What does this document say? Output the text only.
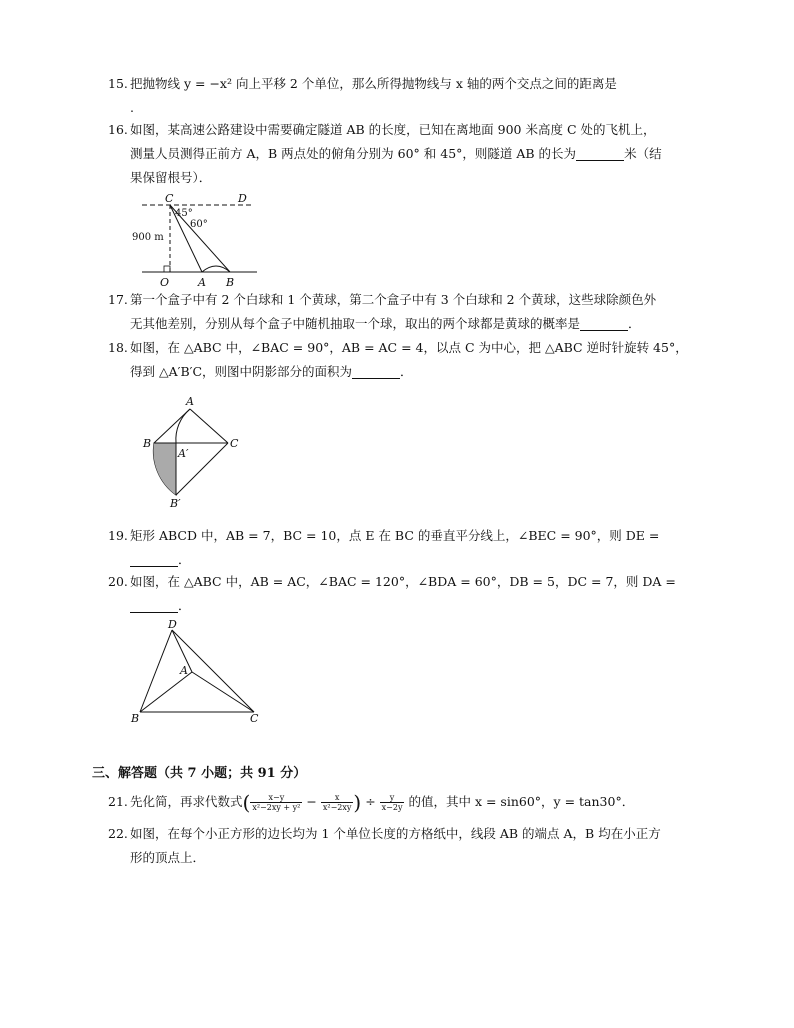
15. 把抛物线 y = −x² 向上平移 2 个单位，那么所得抛物线与 x 轴的两个交点之间的距离是
.
16. 如图，某高速公路建设中需要确定隧道 AB 的长度，已知在离地面 900 米高度 C 处的飞机上，
测量人员测得正前方 A，B 两点处的俯角分别为 60° 和 45°，则隧道 AB 的长为	米（结
果保留根号）．
C	D
45°
60°
900 m
O	A B
17. 第一个盒子中有 2 个白球和 1 个黄球，第二个盒子中有 3 个白球和 2 个黄球，这些球除颜色外
无其他差别，分别从每个盒子中随机抽取一个球，取出的两个球都是黄球的概率是	．
18. 如图，在 △ABC 中，∠BAC = 90°，AB = AC = 4，以点 C 为中心，把 △ABC 逆时针旋转 45°，
得到 △A′B′C，则图中阴影部分的面积为	．
A
B	C
A′
B′
19. 矩形 ABCD 中，AB = 7，BC = 10，点 E 在 BC 的垂直平分线上，∠BEC = 90°，则 DE =
．
20. 如图，在 △ABC 中，AB = AC，∠BAC = 120°，∠BDA = 60°，DB = 5，DC = 7，则 DA =
．
D
A
B	C
三、解答题（共 7 小题；共 91 分）
21. 先化简，再求代数式( $\frac{x-y}{\text{x²−2xy + y²}} - \frac{x}{\text{x²−2xy}}$ ) ÷ $\frac{y}{x-2y}$ 的值，其中 x = sin60°，y = tan30°．
22. 如图，在每个小正方形的边长均为 1 个单位长度的方格纸中，线段 AB 的端点 A，B 均在小正方
形的顶点上．
